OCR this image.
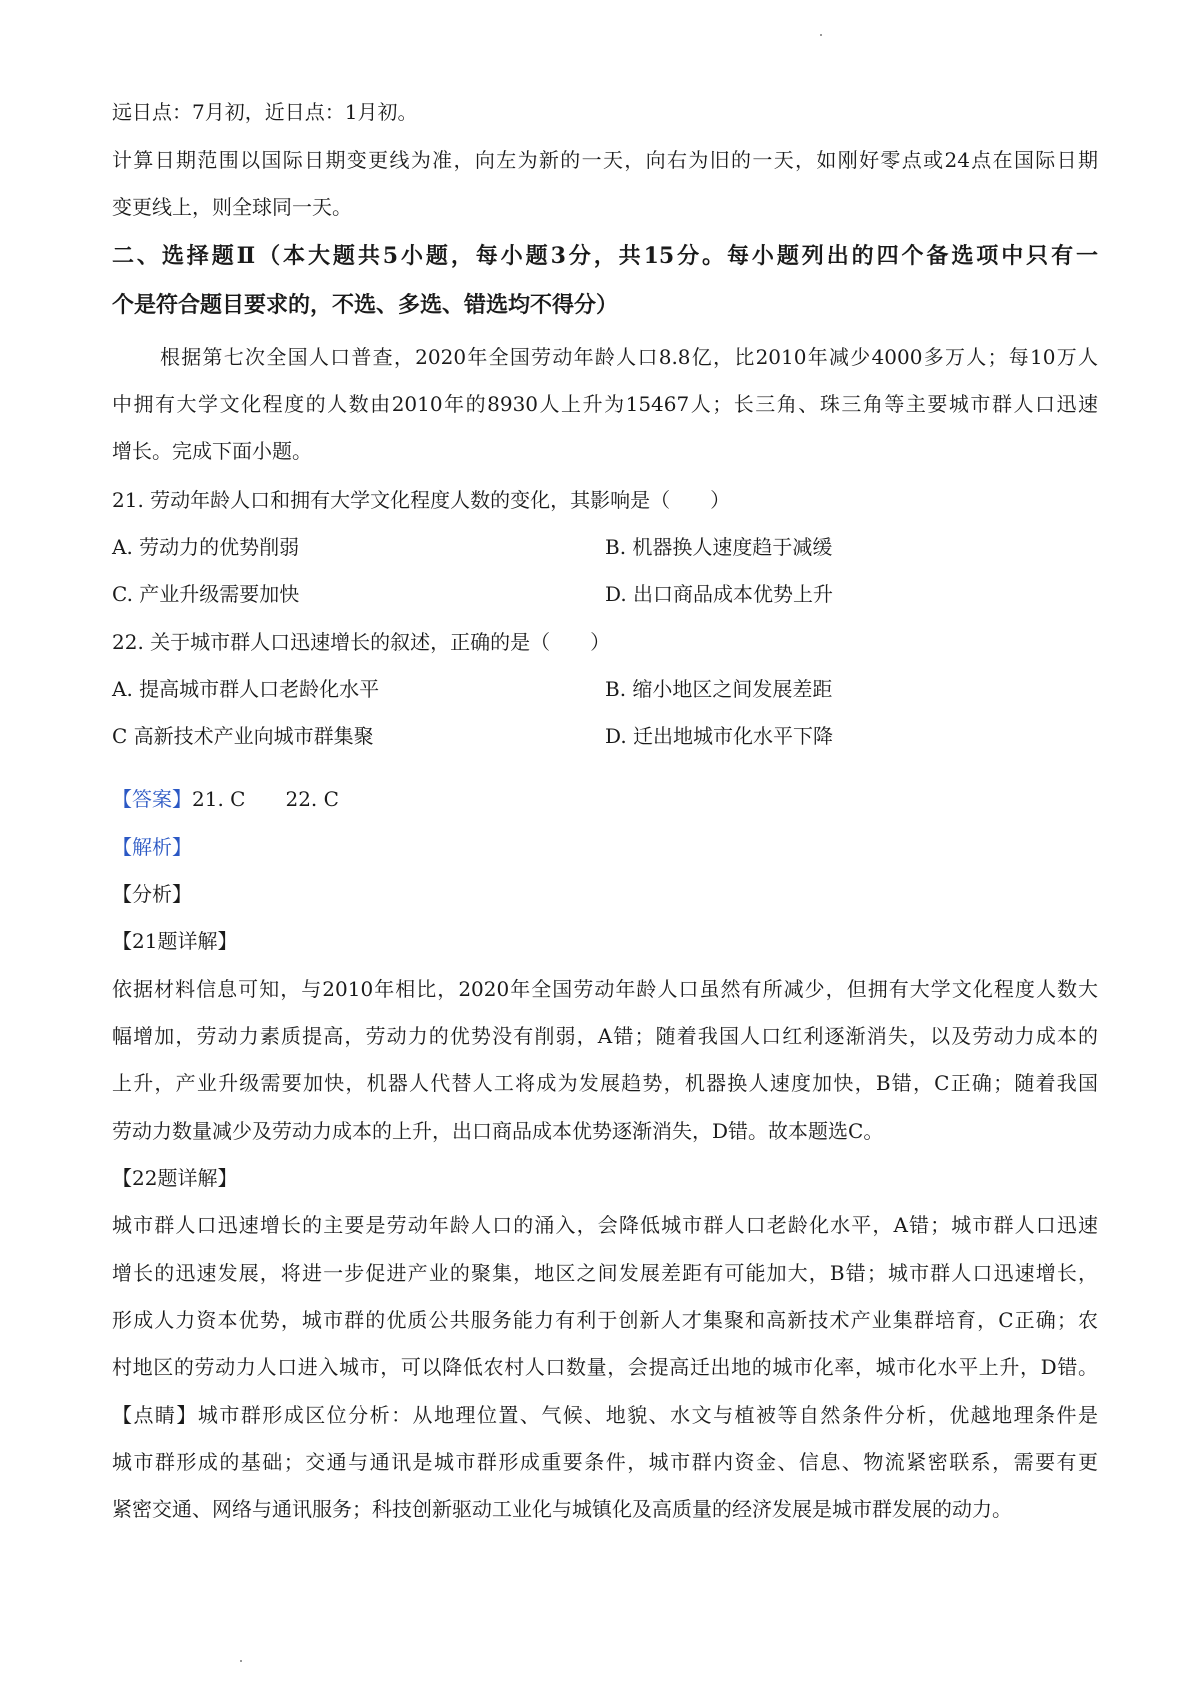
远日点：7月初，近日点：1月初。
计算日期范围以国际日期变更线为准，向左为新的一天，向右为旧的一天，如刚好零点或24点在国际日期
变更线上，则全球同一天。
二、选择题Ⅱ（本大题共5小题，每小题3分，共15分。每小题列出的四个备选项中只有一
个是符合题目要求的，不选、多选、错选均不得分）
根据第七次全国人口普查，2020年全国劳动年龄人口8.8亿，比2010年减少4000多万人；每10万人
中拥有大学文化程度的人数由2010年的8930人上升为15467人；长三角、珠三角等主要城市群人口迅速
增长。完成下面小题。
21. 劳动年龄人口和拥有大学文化程度人数的变化，其影响是（　　）
A. 劳动力的优势削弱	B. 机器换人速度趋于减缓
C. 产业升级需要加快	D. 出口商品成本优势上升
22. 关于城市群人口迅速增长的叙述，正确的是（　　）
A. 提高城市群人口老龄化水平	B. 缩小地区之间发展差距
C 高新技术产业向城市群集聚	D. 迁出地城市化水平下降
【答案】21. C　　22. C
【解析】
【分析】
【21题详解】
依据材料信息可知，与2010年相比，2020年全国劳动年龄人口虽然有所减少，但拥有大学文化程度人数大
幅增加，劳动力素质提高，劳动力的优势没有削弱，A错；随着我国人口红利逐渐消失，以及劳动力成本的
上升，产业升级需要加快，机器人代替人工将成为发展趋势，机器换人速度加快，B错，C正确；随着我国
劳动力数量减少及劳动力成本的上升，出口商品成本优势逐渐消失，D错。故本题选C。
【22题详解】
城市群人口迅速增长的主要是劳动年龄人口的涌入，会降低城市群人口老龄化水平，A错；城市群人口迅速
增长的迅速发展，将进一步促进产业的聚集，地区之间发展差距有可能加大，B错；城市群人口迅速增长，
形成人力资本优势，城市群的优质公共服务能力有利于创新人才集聚和高新技术产业集群培育，C正确；农
村地区的劳动力人口进入城市，可以降低农村人口数量，会提高迁出地的城市化率，城市化水平上升，D错。
【点睛】城市群形成区位分析：从地理位置、气候、地貌、水文与植被等自然条件分析，优越地理条件是
城市群形成的基础；交通与通讯是城市群形成重要条件，城市群内资金、信息、物流紧密联系，需要有更
紧密交通、网络与通讯服务；科技创新驱动工业化与城镇化及高质量的经济发展是城市群发展的动力。
